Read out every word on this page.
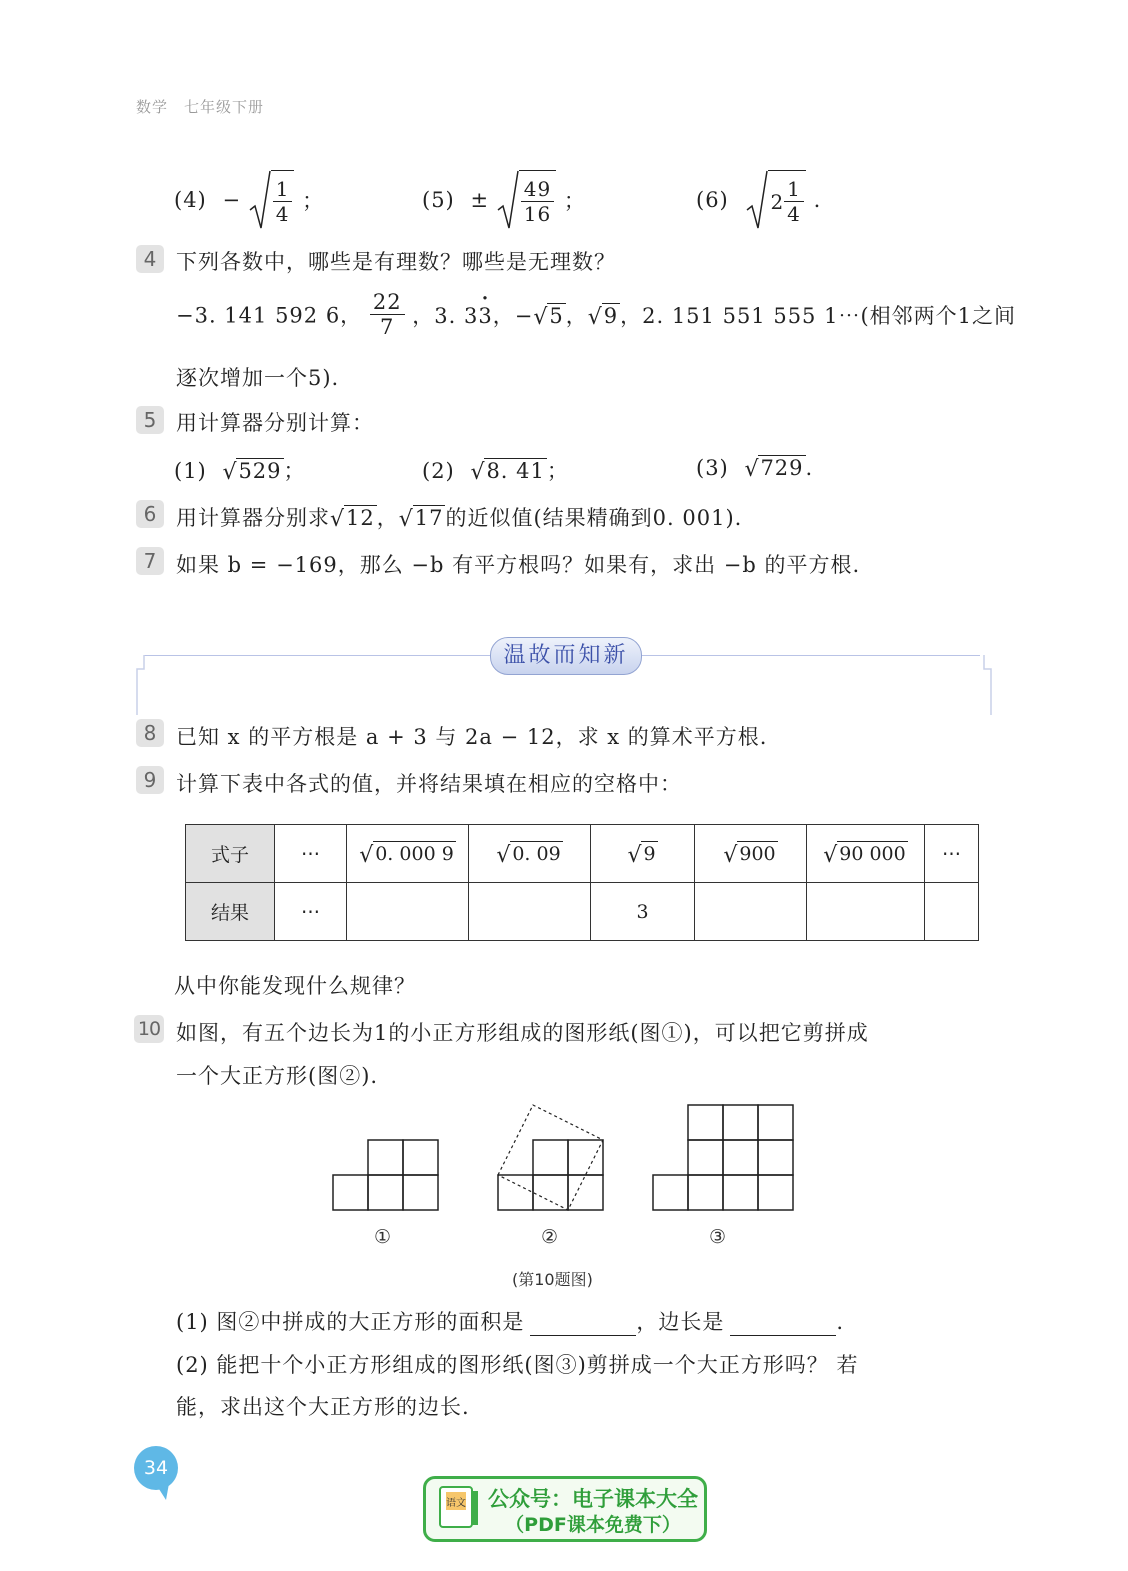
数学 七年级下册
$(4) - \frac{1}{4}$ ；	$(5) \pm \frac{49}{16}$ ；	(6) $2 \frac{1}{4}$ .
4 下列各数中，哪些是有理数？哪些是无理数？
−3. 141 592 6， $\frac{22}{7}$ ，3. 33 ·，− √ 5， √ 9，2. 151 551 555 1⋯(相邻两个1之间
逐次增加一个5).
5 用计算器分别计算：
(1) √ 529；	(2) √ 8. 41；	(3) √ 729.
6 用计算器分别求 √ 12， √ 17的近似值(结果精确到0. 001).
7 如果 b = −169，那么 −b 有平方根吗？如果有，求出 −b 的平方根.
温故而知新
8 已知 x 的平方根是 a + 3 与 2a − 12，求 x 的算术平方根.
9 计算下表中各式的值，并将结果填在相应的空格中：
式子	⋯	√ 0. 000 9	√ 0. 09	√ 9	√ 900	√ 90 000	⋯
结果	⋯			3			
从中你能发现什么规律？
10 如图，有五个边长为1的小正方形组成的图形纸(图①)，可以把它剪拼成
一个大正方形(图②).
①	②	③
(第10题图)
(1) 图②中拼成的大正方形的面积是	，边长是	.
(2) 能把十个小正方形组成的图形纸(图③)剪拼成一个大正方形吗？ 若
能，求出这个大正方形的边长.
34
语文 公众号：电子课本大全
（PDF课本免费下）
